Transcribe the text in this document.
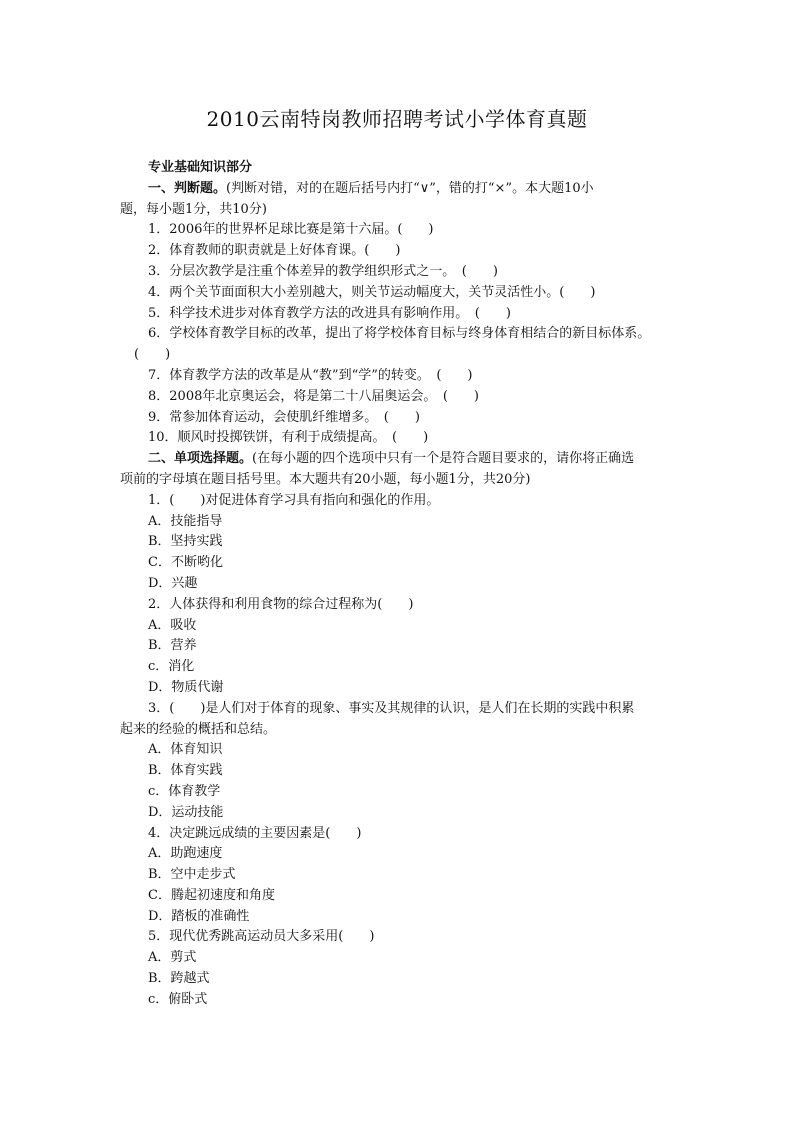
2010云南特岗教师招聘考试小学体育真题
专业基础知识部分
一、判断题。(判断对错，对的在题后括号内打“∨”，错的打“×”。本大题10小
题，每小题1分，共10分)
1．2006年的世界杯足球比赛是第十六届。(　　)
2．体育教师的职责就是上好体育课。(　　)
3．分层次教学是注重个体差异的教学组织形式之一。　(　　)
4．两个关节面面积大小差别越大，则关节运动幅度大，关节灵活性小。(　　)
5．科学技术进步对体育教学方法的改进具有影响作用。　(　　)
6．学校体育教学目标的改革，提出了将学校体育目标与终身体育相结合的新目标体系。
(　　)
7．体育教学方法的改革是从“教”到“学”的转变。　(　　)
8．2008年北京奥运会，将是第二十八届奥运会。　(　　)
9．常参加体育运动，会使肌纤维增多。　(　　)
10．顺风时投掷铁饼，有利于成绩提高。　(　　)
二、单项选择题。(在每小题的四个选项中只有一个是符合题目要求的，请你将正确选
项前的字母填在题目括号里。本大题共有20小题，每小题1分，共20分)
1．(　　)对促进体育学习具有指向和强化的作用。
A．技能指导
B．坚持实践
C．不断哟化
D．兴趣
2．人体获得和利用食物的综合过程称为(　　)
A．吸收
B．营养
c．消化
D．物质代谢
3．(　　)是人们对于体育的现象、事实及其规律的认识，是人们在长期的实践中积累
起来的经验的概括和总结。
A．体育知识
B．体育实践
c．体育教学
D．运动技能
4．决定跳远成绩的主要因素是(　　)
A．助跑速度
B．空中走步式
C．腾起初速度和角度
D．踏板的准确性
5．现代优秀跳高运动员大多采用(　　)
A．剪式
B．跨越式
c．俯卧式
